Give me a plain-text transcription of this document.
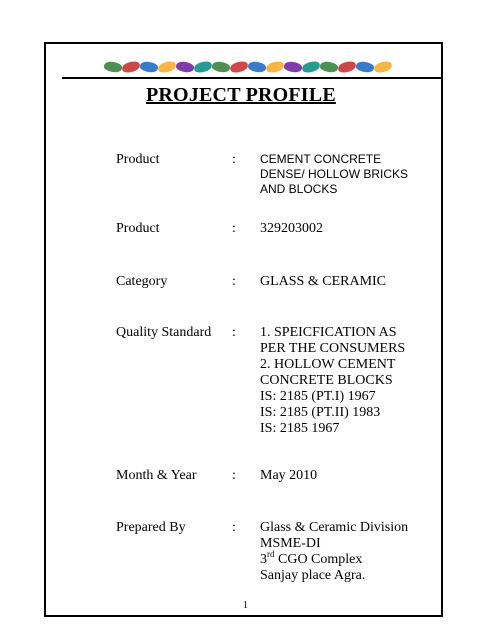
PROJECT PROFILE
Product	: CEMENT CONCRETE
DENSE/ HOLLOW BRICKS
AND BLOCKS
Product	: 329203002
Category	: GLASS & CERAMIC
Quality Standard : 1. SPEICFICATION AS
PER THE CONSUMERS
2. HOLLOW CEMENT
CONCRETE BLOCKS
IS: 2185 (PT.I) 1967
IS: 2185 (PT.II) 1983
IS: 2185 1967
Month & Year	: May 2010
Prepared By	: Glass & Ceramic Division
MSME-DI
3rd CGO Complex
Sanjay place Agra.
1
